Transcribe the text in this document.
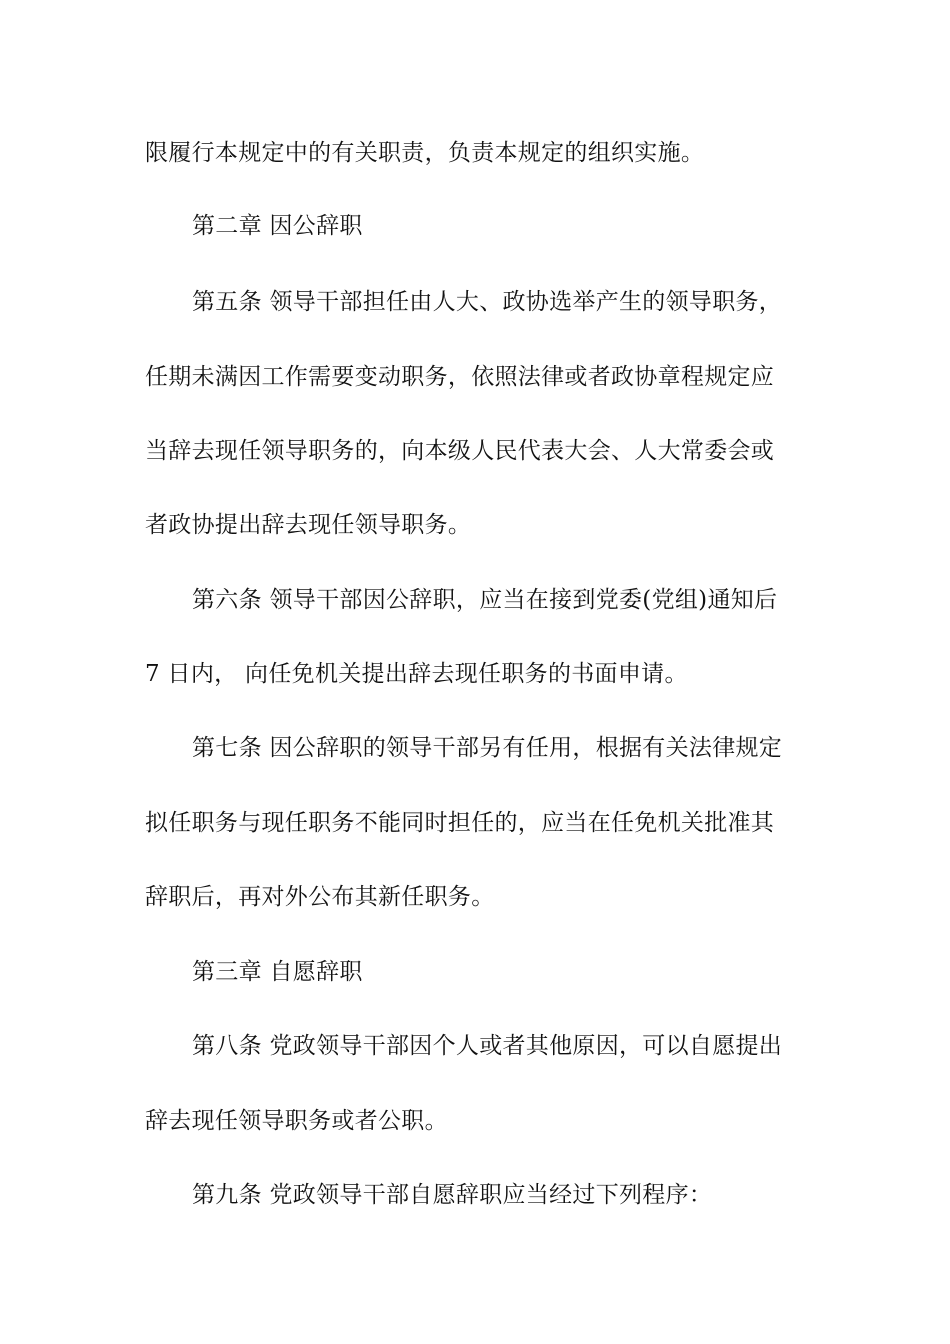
限履行本规定中的有关职责，负责本规定的组织实施。
第二章 因公辞职
第五条 领导干部担任由人大、政协选举产生的领导职务，
任期未满因工作需要变动职务，依照法律或者政协章程规定应
当辞去现任领导职务的，向本级人民代表大会、人大常委会或
者政协提出辞去现任领导职务。
第六条 领导干部因公辞职，应当在接到党委(党组)通知后
7 日内， 向任免机关提出辞去现任职务的书面申请。
第七条 因公辞职的领导干部另有任用，根据有关法律规定
拟任职务与现任职务不能同时担任的，应当在任免机关批准其
辞职后，再对外公布其新任职务。
第三章 自愿辞职
第八条 党政领导干部因个人或者其他原因，可以自愿提出
辞去现任领导职务或者公职。
第九条 党政领导干部自愿辞职应当经过下列程序：
